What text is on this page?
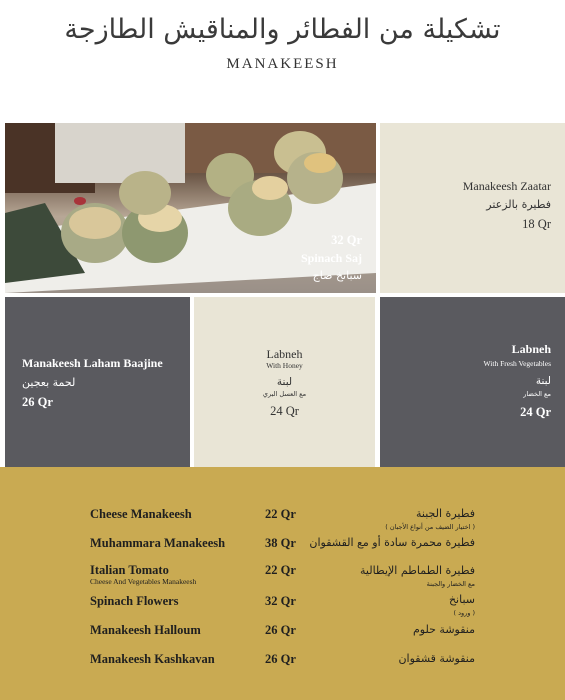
تشكيلة من الفطائر والمناقيش الطازجة
MANAKEESH
32 Qr
Spinach Saj
سبانخ صاج
Manakeesh Zaatar
فطيرة بالزعتر
18 Qr
Manakeesh Laham Baajine
لحمة بعجين
26 Qr
Labneh
With Honey
لبنة
مع العسل البري
24 Qr
Labneh
With Fresh Vegetables
لبنة
مع الخضار
24 Qr
Cheese Manakeesh	22 Qr	فطيرة الجبنة
( اختيار الضيف من أنواع الأجبان )
Muhammara Manakeesh	38 Qr فطيرة محمرة سادة أو مع القشقوان
Italian Tomato
Cheese And Vegetables Manakeesh
22 Qr	فطيرة الطماطم الإيطالية
مع الخضار والجبنة
Spinach Flowers	32 Qr	سبانخ
( ورود )
Manakeesh Halloum	26 Qr	منقوشة حلوم
Manakeesh Kashkavan	26 Qr	منقوشة قشقوان
